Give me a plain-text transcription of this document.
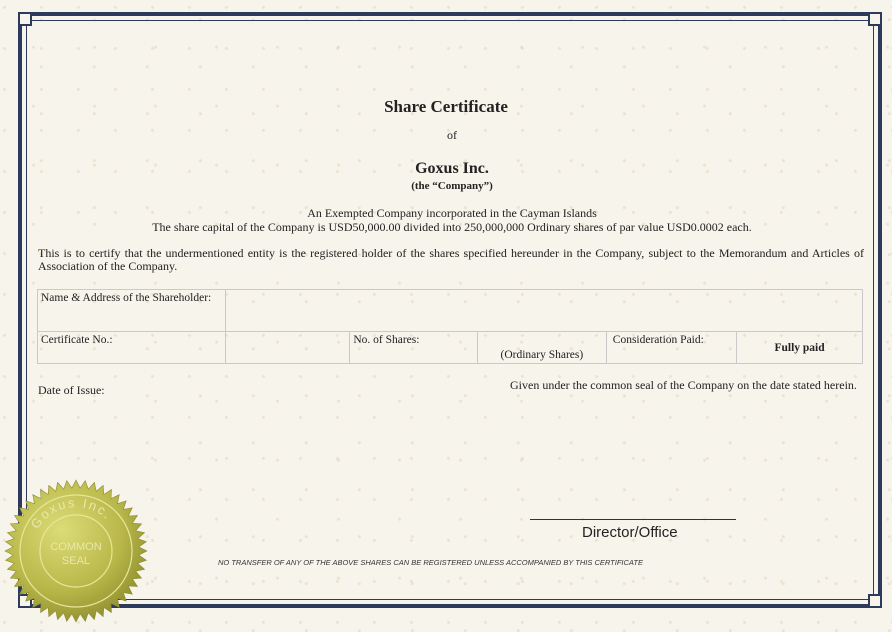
Share Certificate
of
Goxus Inc.
(the “Company”)
An Exempted Company incorporated in the Cayman Islands
The share capital of the Company is USD50,000.00 divided into 250,000,000 Ordinary shares of par value USD0.0002 each.
This is to certify that the undermentioned entity is the registered holder of the shares specified hereunder in the Company, subject to the Memorandum and Articles of Association of the Company.
Name & Address of the Shareholder:					
Certificate No.:		No. of Shares:	(Ordinary Shares)	Consideration Paid:	Fully paid
Date of Issue:	Given under the common seal of the Company on the date stated herein.
Director/Office
NO TRANSFER OF ANY OF THE ABOVE SHARES CAN BE REGISTERED UNLESS ACCOMPANIED BY THIS CERTIFICATE
Goxus Inc.
COMMON
SEAL
